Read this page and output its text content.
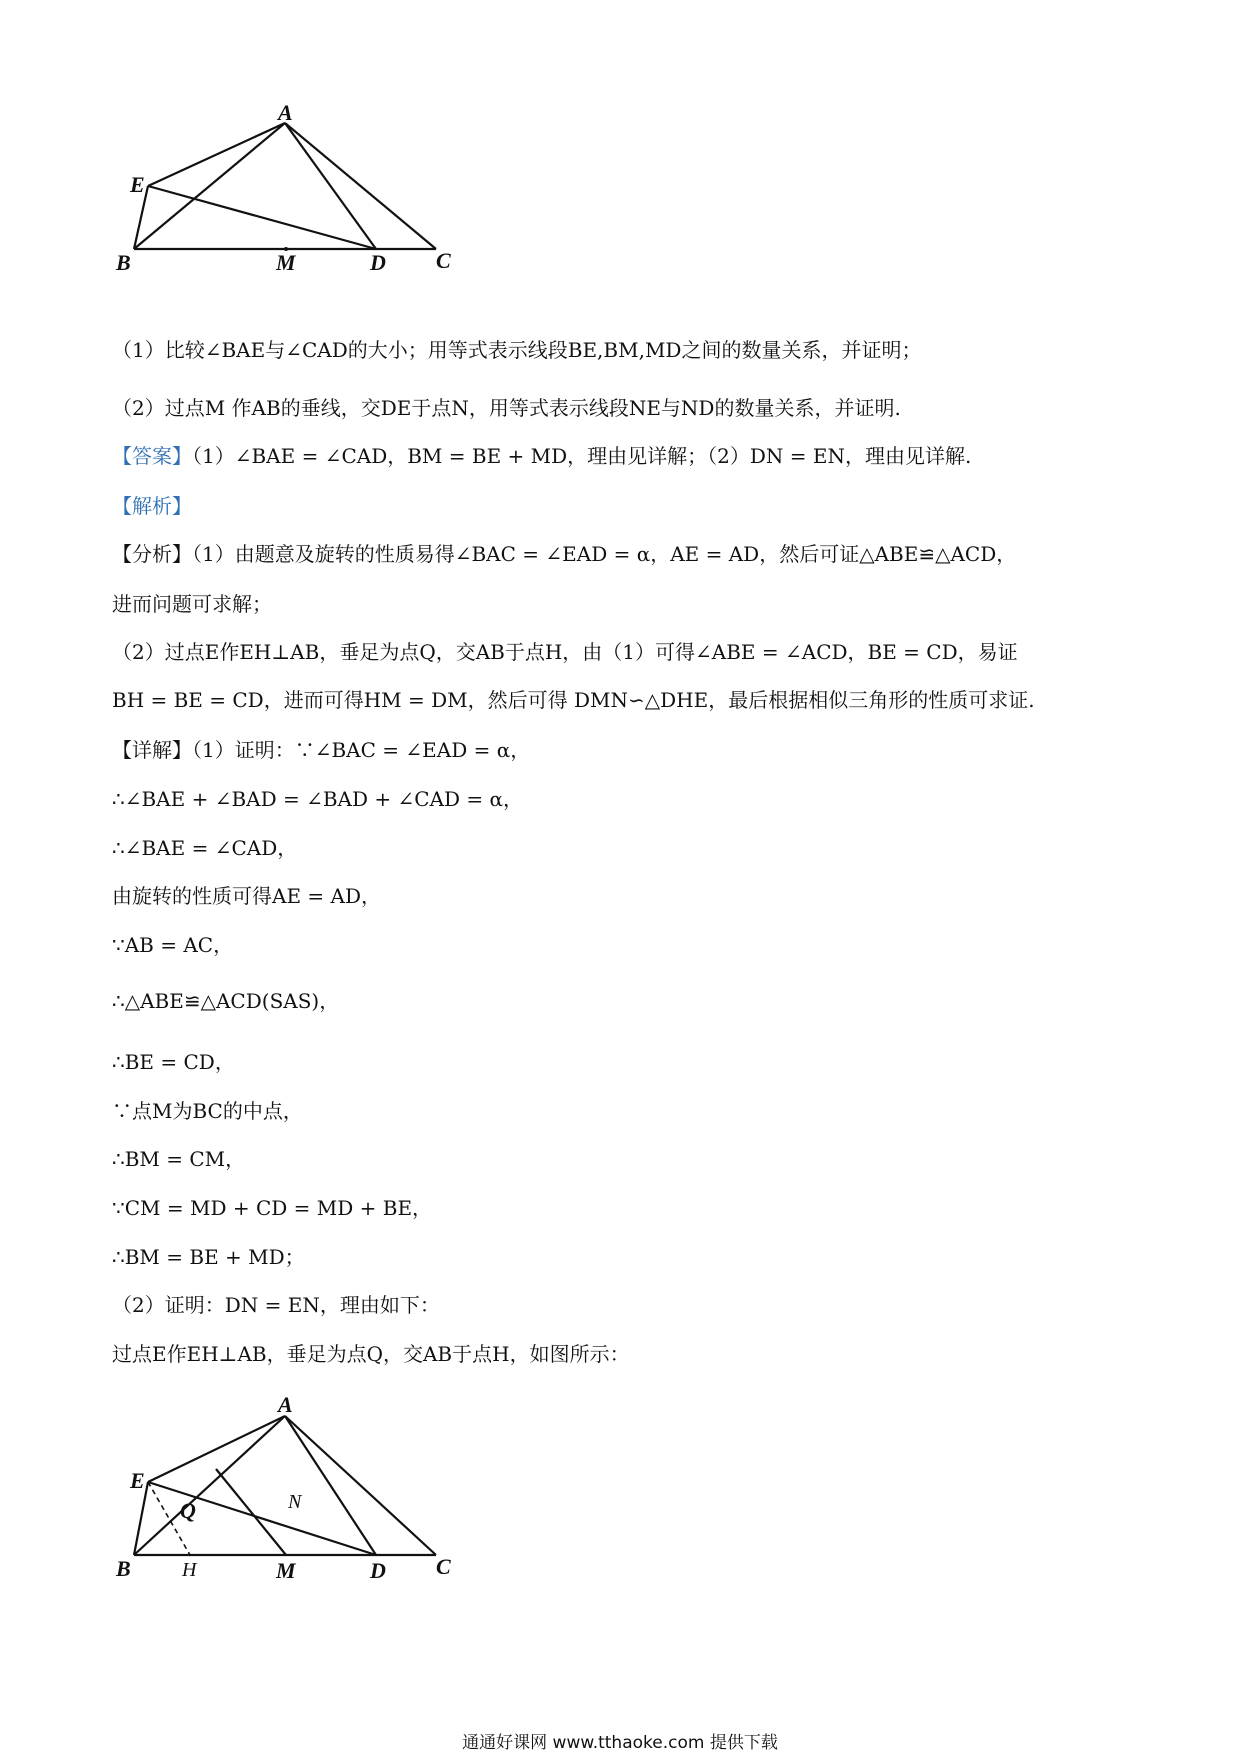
A
E
B	M	D C
（1）比较∠BAE与∠CAD的大小；用等式表示线段BE,BM,MD之间的数量关系，并证明；
（2）过点M 作AB的垂线，交DE于点N，用等式表示线段NE与ND的数量关系，并证明.
【答案】（1）∠BAE = ∠CAD，BM = BE + MD，理由见详解；（2）DN = EN，理由见详解.
【解析】
【分析】（1）由题意及旋转的性质易得∠BAC = ∠EAD = α，AE = AD，然后可证△ABE≌△ACD，
进而问题可求解；
（2）过点E作EH⊥AB，垂足为点Q，交AB于点H，由（1）可得∠ABE = ∠ACD，BE = CD，易证
BH = BE = CD，进而可得HM = DM，然后可得 DMN∽△DHE，最后根据相似三角形的性质可求证.
【详解】（1）证明：∵∠BAC = ∠EAD = α，
∴∠BAE + ∠BAD = ∠BAD + ∠CAD = α，
∴∠BAE = ∠CAD，
由旋转的性质可得AE = AD，
∵AB = AC，
∴△ABE≌△ACD(SAS)，
∴BE = CD，
∵点M为BC的中点，
∴BM = CM，
∵CM = MD + CD = MD + BE，
∴BM = BE + MD；
（2）证明：DN = EN，理由如下：
过点E作EH⊥AB，垂足为点Q，交AB于点H，如图所示：
A
E
Q	N
B	H	M	D C
通通好课网 www.tthaoke.com 提供下载
